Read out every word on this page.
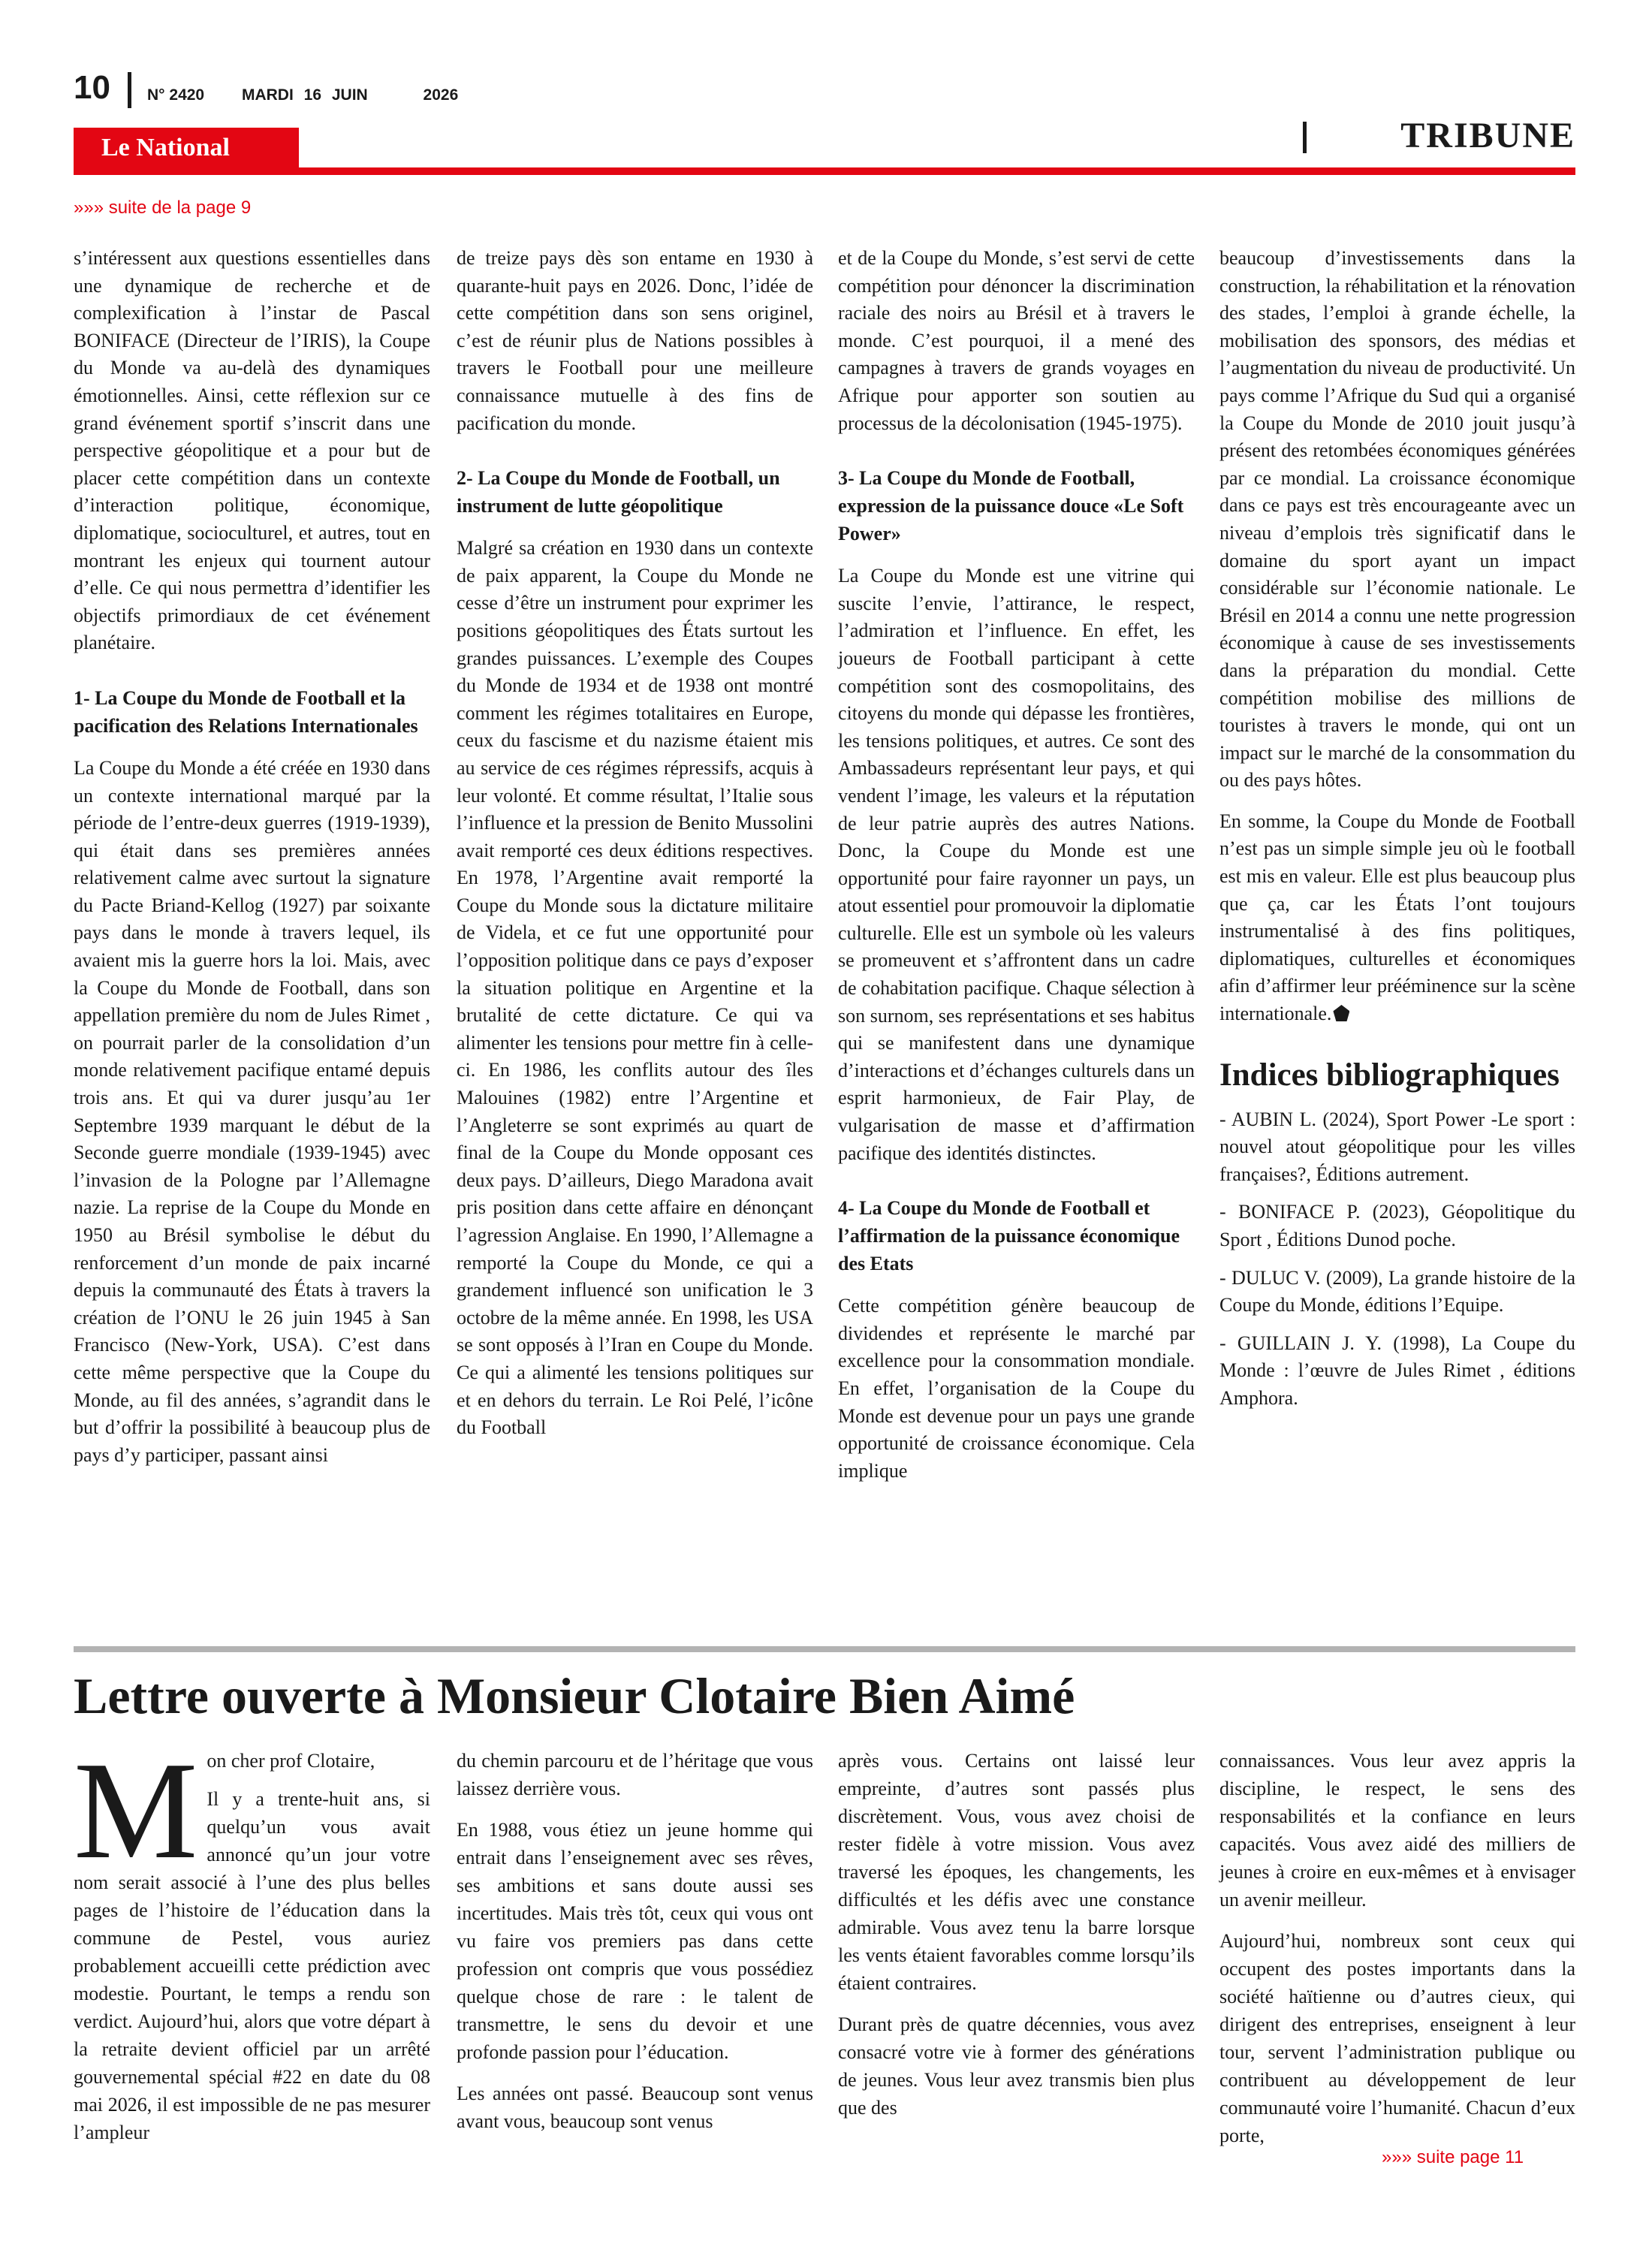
10 N° 2420 MARDI 16 JUIN	2026
Le National	TRIBUNE
»»» suite de la page 9

s’intéressent aux questions essentielles dans une dynamique de recherche et de complexification à l’instar de Pascal BONIFACE (Directeur de l’IRIS), la Coupe du Monde va au-delà des dynamiques émotionnelles. Ainsi, cette réflexion sur ce grand événement sportif s’inscrit dans une perspective géopolitique et a pour but de placer cette compétition dans un contexte d’interaction politique, économique, diplomatique, socioculturel, et autres, tout en montrant les enjeux qui tournent autour d’elle. Ce qui nous permettra d’identifier les objectifs primordiaux de cet événement planétaire.

1- La Coupe du Monde de Football et la pacification des Relations Internationales

La Coupe du Monde a été créée en 1930 dans un contexte international marqué par la période de l’entre-deux guerres (1919-1939), qui était dans ses premières années relativement calme avec surtout la signature du Pacte Briand-Kellog (1927) par soixante pays dans le monde à travers lequel, ils avaient mis la guerre hors la loi. Mais, avec la Coupe du Monde de Football, dans son appellation première du nom de Jules Rimet , on pourrait parler de la consolidation d’un monde relativement pacifique entamé depuis trois ans. Et qui va durer jusqu’au 1er Septembre 1939 marquant le début de la Seconde guerre mondiale (1939-1945) avec l’invasion de la Pologne par l’Allemagne nazie. La reprise de la Coupe du Monde en 1950 au Brésil symbolise le début du renforcement d’un monde de paix incarné depuis la communauté des États à travers la création de l’ONU le 26 juin 1945 à San Francisco (New-York, USA). C’est dans cette même perspective que la Coupe du Monde, au fil des années, s’agrandit dans le but d’offrir la possibilité à beaucoup plus de pays d’y participer, passant ainsi

de treize pays dès son entame en 1930 à quarante-huit pays en 2026. Donc, l’idée de cette compétition dans son sens originel, c’est de réunir plus de Nations possibles à travers le Football pour une meilleure connaissance mutuelle à des fins de pacification du monde.

2- La Coupe du Monde de Football, un instrument de lutte géopolitique

Malgré sa création en 1930 dans un contexte de paix apparent, la Coupe du Monde ne cesse d’être un instrument pour exprimer les positions géopolitiques des États surtout les grandes puissances. L’exemple des Coupes du Monde de 1934 et de 1938 ont montré comment les régimes totalitaires en Europe, ceux du fascisme et du nazisme étaient mis au service de ces régimes répressifs, acquis à leur volonté. Et comme résultat, l’Italie sous l’influence et la pression de Benito Mussolini avait remporté ces deux éditions respectives. En 1978, l’Argentine avait remporté la Coupe du Monde sous la dictature militaire de Videla, et ce fut une opportunité pour l’opposition politique dans ce pays d’exposer la situation politique en Argentine et la brutalité de cette dictature. Ce qui va alimenter les tensions pour mettre fin à celle-ci. En 1986, les conflits autour des îles Malouines (1982) entre l’Argentine et l’Angleterre se sont exprimés au quart de final de la Coupe du Monde opposant ces deux pays. D’ailleurs, Diego Maradona avait pris position dans cette affaire en dénonçant l’agression Anglaise. En 1990, l’Allemagne a remporté la Coupe du Monde, ce qui a grandement influencé son unification le 3 octobre de la même année. En 1998, les USA se sont opposés à l’Iran en Coupe du Monde. Ce qui a alimenté les tensions politiques sur et en dehors du terrain. Le Roi Pelé, l’icône du Football

et de la Coupe du Monde, s’est servi de cette compétition pour dénoncer la discrimination raciale des noirs au Brésil et à travers le monde. C’est pourquoi, il a mené des campagnes à travers de grands voyages en Afrique pour apporter son soutien au processus de la décolonisation (1945-1975).

3- La Coupe du Monde de Football, expression de la puissance douce «Le Soft Power»

La Coupe du Monde est une vitrine qui suscite l’envie, l’attirance, le respect, l’admiration et l’influence. En effet, les joueurs de Football participant à cette compétition sont des cosmopolitains, des citoyens du monde qui dépasse les frontières, les tensions politiques, et autres. Ce sont des Ambassadeurs représentant leur pays, et qui vendent l’image, les valeurs et la réputation de leur patrie auprès des autres Nations. Donc, la Coupe du Monde est une opportunité pour faire rayonner un pays, un atout essentiel pour promouvoir la diplomatie culturelle. Elle est un symbole où les valeurs se promeuvent et s’affrontent dans un cadre de cohabitation pacifique. Chaque sélection à son surnom, ses représentations et ses habitus qui se manifestent dans une dynamique d’interactions et d’échanges culturels dans un esprit harmonieux, de Fair Play, de vulgarisation de masse et d’affirmation pacifique des identités distinctes.

4- La Coupe du Monde de Football et l’affirmation de la puissance économique des Etats

Cette compétition génère beaucoup de dividendes et représente le marché par excellence pour la consommation mondiale. En effet, l’organisation de la Coupe du Monde est devenue pour un pays une grande opportunité de croissance économique. Cela implique

beaucoup d’investissements dans la construction, la réhabilitation et la rénovation des stades, l’emploi à grande échelle, la mobilisation des sponsors, des médias et l’augmentation du niveau de productivité. Un pays comme l’Afrique du Sud qui a organisé la Coupe du Monde de 2010 jouit jusqu’à présent des retombées économiques générées par ce mondial. La croissance économique dans ce pays est très encourageante avec un niveau d’emplois très significatif dans le domaine du sport ayant un impact considérable sur l’économie nationale. Le Brésil en 2014 a connu une nette progression économique à cause de ses investissements dans la préparation du mondial. Cette compétition mobilise des millions de touristes à travers le monde, qui ont un impact sur le marché de la consommation du ou des pays hôtes.

En somme, la Coupe du Monde de Football n’est pas un simple simple jeu où le football est mis en valeur. Elle est plus beaucoup plus que ça, car les États l’ont toujours instrumentalisé à des fins politiques, diplomatiques, culturelles et économiques afin d’affirmer leur prééminence sur la scène internationale.

Indices bibliographiques

- AUBIN L. (2024), Sport Power -Le sport : nouvel atout géopolitique pour les villes françaises?, Éditions autrement.

- BONIFACE P. (2023), Géopolitique du Sport , Éditions Dunod poche.

- DULUC V. (2009), La grande histoire de la Coupe du Monde, éditions l’Equipe.

- GUILLAIN J. Y. (1998), La Coupe du Monde : l’œuvre de Jules Rimet , éditions Amphora.

Lettre ouverte à Monsieur Clotaire Bien Aimé
M on cher prof Clotaire,

Il y a trente-huit ans, si quelqu’un vous avait annoncé qu’un jour votre nom serait associé à l’une des plus belles pages de l’histoire de l’éducation dans la commune de Pestel, vous auriez probablement accueilli cette prédiction avec modestie. Pourtant, le temps a rendu son verdict. Aujourd’hui, alors que votre départ à la retraite devient officiel par un arrêté gouvernemental spécial #22 en date du 08 mai 2026, il est impossible de ne pas mesurer l’ampleur

du chemin parcouru et de l’héritage que vous laissez derrière vous.

En 1988, vous étiez un jeune homme qui entrait dans l’enseignement avec ses rêves, ses ambitions et sans doute aussi ses incertitudes. Mais très tôt, ceux qui vous ont vu faire vos premiers pas dans cette profession ont compris que vous possédiez quelque chose de rare : le talent de transmettre, le sens du devoir et une profonde passion pour l’éducation.

Les années ont passé. Beaucoup sont venus avant vous, beaucoup sont venus

après vous. Certains ont laissé leur empreinte, d’autres sont passés plus discrètement. Vous, vous avez choisi de rester fidèle à votre mission. Vous avez traversé les époques, les changements, les difficultés et les défis avec une constance admirable. Vous avez tenu la barre lorsque les vents étaient favorables comme lorsqu’ils étaient contraires.

Durant près de quatre décennies, vous avez consacré votre vie à former des générations de jeunes. Vous leur avez transmis bien plus que des

connaissances. Vous leur avez appris la discipline, le respect, le sens des responsabilités et la confiance en leurs capacités. Vous avez aidé des milliers de jeunes à croire en eux-mêmes et à envisager un avenir meilleur.

Aujourd’hui, nombreux sont ceux qui occupent des postes importants dans la société haïtienne ou d’autres cieux, qui dirigent des entreprises, enseignent à leur tour, servent l’administration publique ou contribuent au développement de leur communauté voire l’humanité. Chacun d’eux porte,

»»» suite page 11
